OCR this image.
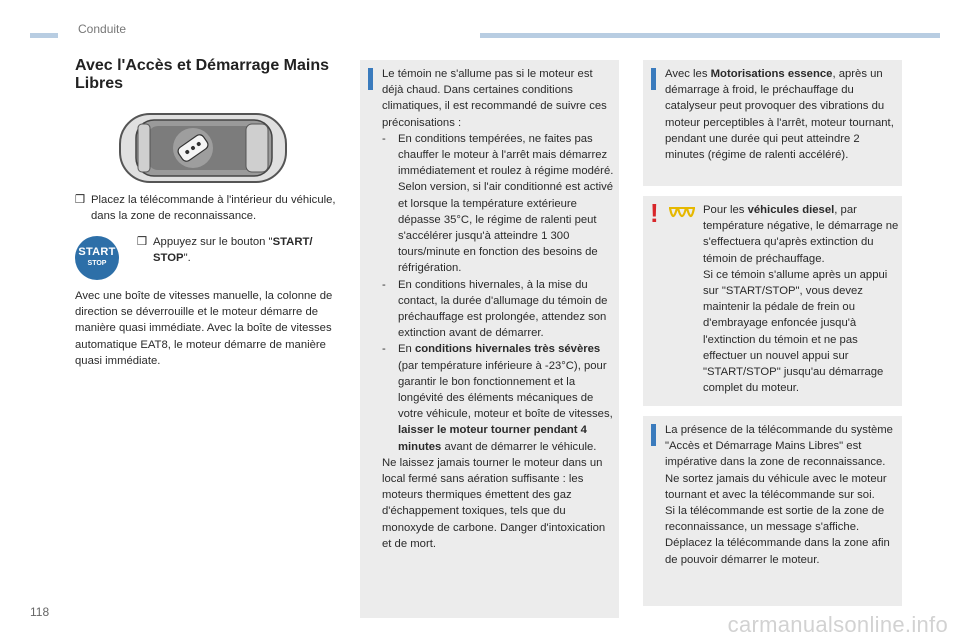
Conduite
Avec l'Accès et Démarrage Mains Libres
❒ Placez la télécommande à l'intérieur du véhicule, dans la zone de reconnaissance.
START
STOP
❒ Appuyez sur le bouton "START/ STOP".
Avec une boîte de vitesses manuelle, la colonne de direction se déverrouille et le moteur démarre de manière quasi immédiate. Avec la boîte de vitesses automatique EAT8, le moteur démarre de manière quasi immédiate.
Le témoin ne s'allume pas si le moteur est déjà chaud. Dans certaines conditions climatiques, il est recommandé de suivre ces préconisations :
- En conditions tempérées, ne faites pas chauffer le moteur à l'arrêt mais démarrez immédiatement et roulez à régime modéré.
Selon version, si l'air conditionné est activé et lorsque la température extérieure dépasse 35°C, le régime de ralenti peut s'accélérer jusqu'à atteindre 1 300 tours/minute en fonction des besoins de réfrigération.
- En conditions hivernales, à la mise du contact, la durée d'allumage du témoin de préchauffage est prolongée, attendez son extinction avant de démarrer.
- En conditions hivernales très sévères (par température inférieure à -23°C), pour garantir le bon fonctionnement et la longévité des éléments mécaniques de votre véhicule, moteur et boîte de vitesses, laisser le moteur tourner pendant 4 minutes avant de démarrer le véhicule.
Ne laissez jamais tourner le moteur dans un local fermé sans aération suffisante : les moteurs thermiques émettent des gaz d'échappement toxiques, tels que du monoxyde de carbone. Danger d'intoxication et de mort.
Avec les Motorisations essence, après un démarrage à froid, le préchauffage du catalyseur peut provoquer des vibrations du moteur perceptibles à l'arrêt, moteur tournant, pendant une durée qui peut atteindre 2 minutes (régime de ralenti accéléré).
Pour les véhicules diesel, par température négative, le démarrage ne s'effectuera qu'après extinction du témoin de préchauffage.
Si ce témoin s'allume après un appui sur "START/STOP", vous devez maintenir la pédale de frein ou d'embrayage enfoncée jusqu'à l'extinction du témoin et ne pas effectuer un nouvel appui sur "START/STOP" jusqu'au démarrage complet du moteur.
!
La présence de la télécommande du système "Accès et Démarrage Mains Libres" est impérative dans la zone de reconnaissance.
Ne sortez jamais du véhicule avec le moteur tournant et avec la télécommande sur soi.
Si la télécommande est sortie de la zone de reconnaissance, un message s'affiche. Déplacez la télécommande dans la zone afin de pouvoir démarrer le moteur.
118	carmanualsonline.info
